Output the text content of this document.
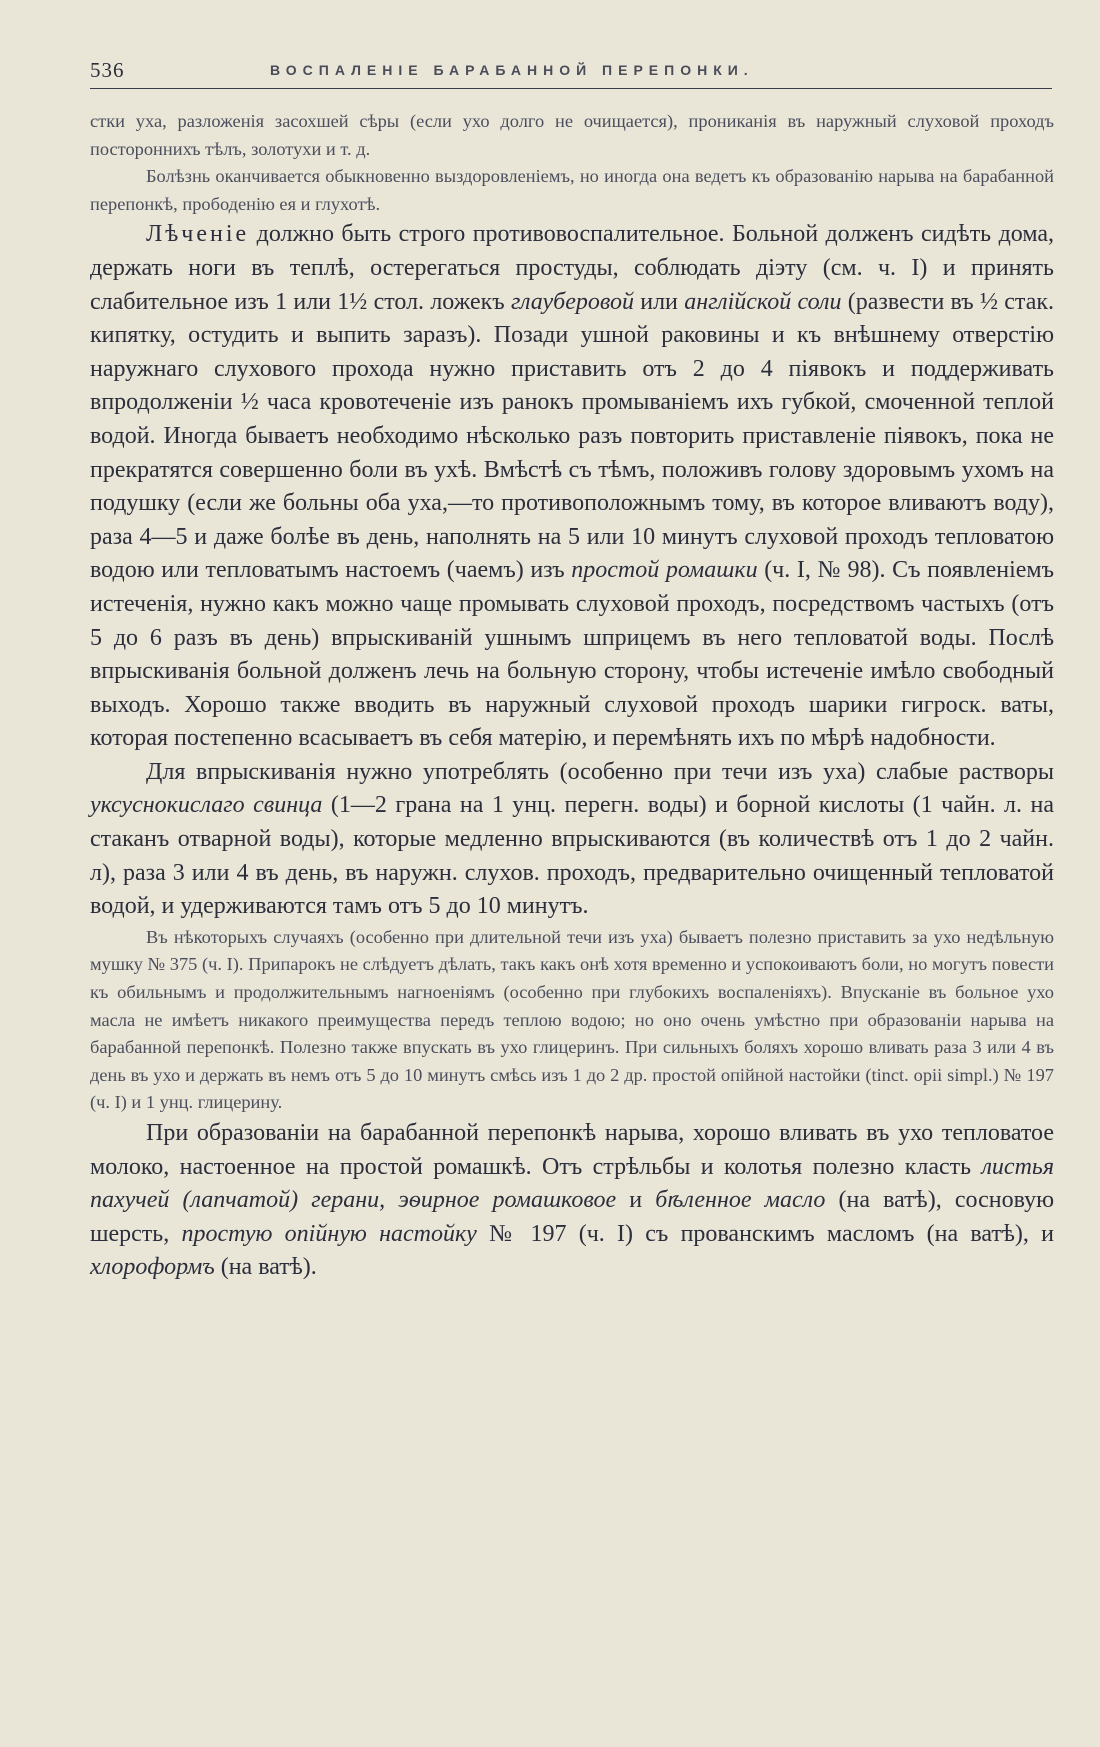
536	ВОСПАЛЕНІЕ БАРАБАННОЙ ПЕРЕПОНКИ.

стки уха, разложенія засохшей сѣры (если ухо долго не очищается), прониканія въ наружный слуховой проходъ постороннихъ тѣлъ, золотухи и т. д.

Болѣзнь оканчивается обыкновенно выздоровленіемъ, но иногда она ведетъ къ образованію нарыва на барабанной перепонкѣ, прободенію ея и глухотѣ.

Лѣченіе должно быть строго противовоспалительное. Больной долженъ сидѣть дома, держать ноги въ теплѣ, остерегаться простуды, соблюдать діэту (см. ч. I) и принять слабительное изъ 1 или 1½ стол. ложекъ глауберовой или англійской соли (развести въ ½ стак. кипятку, остудить и выпить заразъ). Позади ушной раковины и къ внѣшнему отверстію наружнаго слухового прохода нужно приставить отъ 2 до 4 піявокъ и поддерживать впродолженіи ½ часа кровотеченіе изъ ранокъ промываніемъ ихъ губкой, смоченной теплой водой. Иногда бываетъ необходимо нѣсколько разъ повторить приставленіе піявокъ, пока не прекратятся совершенно боли въ ухѣ. Вмѣстѣ съ тѣмъ, положивъ голову здоровымъ ухомъ на подушку (если же больны оба уха,—то противоположнымъ тому, въ которое вливаютъ воду), раза 4—5 и даже болѣе въ день, наполнять на 5 или 10 минутъ слуховой проходъ тепловатою водою или тепловатымъ настоемъ (чаемъ) изъ простой ромашки (ч. I, № 98). Съ появленіемъ истеченія, нужно какъ можно чаще промывать слуховой проходъ, посредствомъ частыхъ (отъ 5 до 6 разъ въ день) впрыскиваній ушнымъ шприцемъ въ него тепловатой воды. Послѣ впрыскиванія больной долженъ лечь на больную сторону, чтобы истеченіе имѣло свободный выходъ. Хорошо также вводить въ наружный слуховой проходъ шарики гигроск. ваты, которая постепенно всасываетъ въ себя матерію, и перемѣнять ихъ по мѣрѣ надобности.

Для впрыскиванія нужно употреблять (особенно при течи изъ уха) слабые растворы уксуснокислаго свинца (1—2 грана на 1 унц. перегн. воды) и борной кислоты (1 чайн. л. на стаканъ отварной воды), которые медленно впрыскиваются (въ количествѣ отъ 1 до 2 чайн. л), раза 3 или 4 въ день, въ наружн. слухов. проходъ, предварительно очищенный тепловатой водой, и удерживаются тамъ отъ 5 до 10 минутъ.

Въ нѣкоторыхъ случаяхъ (особенно при длительной течи изъ уха) бываетъ полезно приставить за ухо недѣльную мушку № 375 (ч. I). Припарокъ не слѣдуетъ дѣлать, такъ какъ онѣ хотя временно и успокоиваютъ боли, но могутъ повести къ обильнымъ и продолжительнымъ нагноеніямъ (особенно при глубокихъ воспаленіяхъ). Впусканіе въ больное ухо масла не имѣетъ никакого преимущества передъ теплою водою; но оно очень умѣстно при образованіи нарыва на барабанной перепонкѣ. Полезно также впускать въ ухо глицеринъ. При сильныхъ боляхъ хорошо вливать раза 3 или 4 въ день въ ухо и держать въ немъ отъ 5 до 10 минутъ смѣсь изъ 1 до 2 др. простой опійной настойки (tinct. opii simpl.) № 197 (ч. I) и 1 унц. глицерину.

При образованіи на барабанной перепонкѣ нарыва, хорошо вливать въ ухо тепловатое молоко, настоенное на простой ромашкѣ. Отъ стрѣльбы и колотья полезно класть листья пахучей (лапчатой) герани, эѳирное ромашковое и бѣленное масло (на ватѣ), сосновую шерсть, простую опійную настойку № 197 (ч. I) съ прованскимъ масломъ (на ватѣ), и хлороформъ (на ватѣ).
